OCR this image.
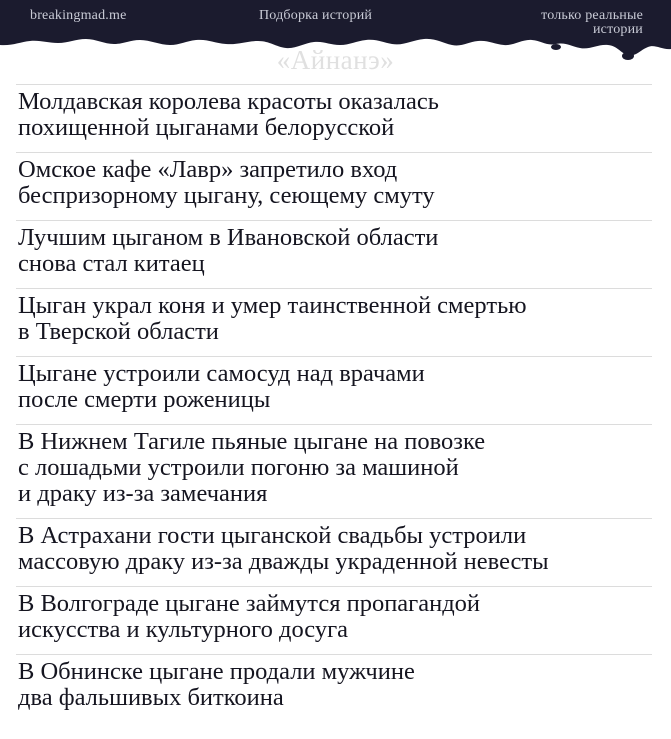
breakingmad.me	Подборка историй	только реальные истории
«Айнанэ»
Молдавская королева красоты оказалась
похищенной цыганами белорусской
Омское кафе «Лавр» запретило вход
беспризорному цыгану, сеющему смуту
Лучшим цыганом в Ивановской области
снова стал китаец
Цыган украл коня и умер таинственной смертью
в Тверской области
Цыгане устроили самосуд над врачами
после смерти роженицы
В Нижнем Тагиле пьяные цыгане на повозке
с лошадьми устроили погоню за машиной
и драку из-за замечания
В Астрахани гости цыганской свадьбы устроили
массовую драку из-за дважды украденной невесты
В Волгограде цыгане займутся пропагандой
искусства и культурного досуга
В Обнинске цыгане продали мужчине
два фальшивых биткоина
